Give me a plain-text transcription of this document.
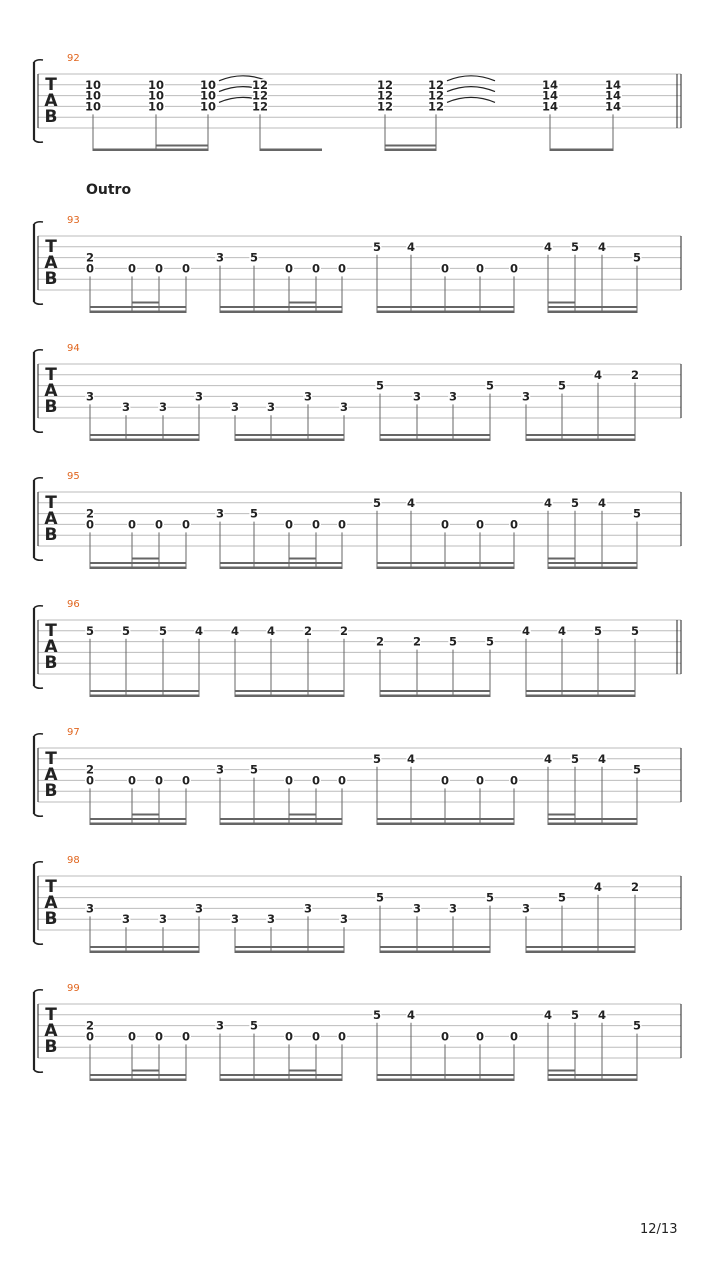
T
A
B
92
10
10
10
10
10
10
10
10
10
12
12
12
12
12
12
12
12
12
14
14
14
14
14
14
T
A
B
93
0
2
0 0 0
3 5
0 0 0
5 4
0 0 0
4 5 4
5
T
A
B
94
3
3	3
3
3 3
3
3
5
3 3
5
3
5
4	2
T
A
B
95
0
2
0 0 0
3 5
0 0 0
5 4
0 0 0
4 5 4
5
T
A
B
96
5 5	5 4 4 4	2 2
2	2 5	5
4 4 5	5
T
A
B
97
0
2
0 0 0
3 5
0 0 0
5 4
0 0 0
4 5 4
5
T
A
B
98
3
3	3
3
3 3
3
3
5
3 3
5
3
5
4	2
T
A
B
99
0
2
0 0 0
3 5
0 0 0
5 4
0 0 0
4 5 4
5
Outro
12/13
